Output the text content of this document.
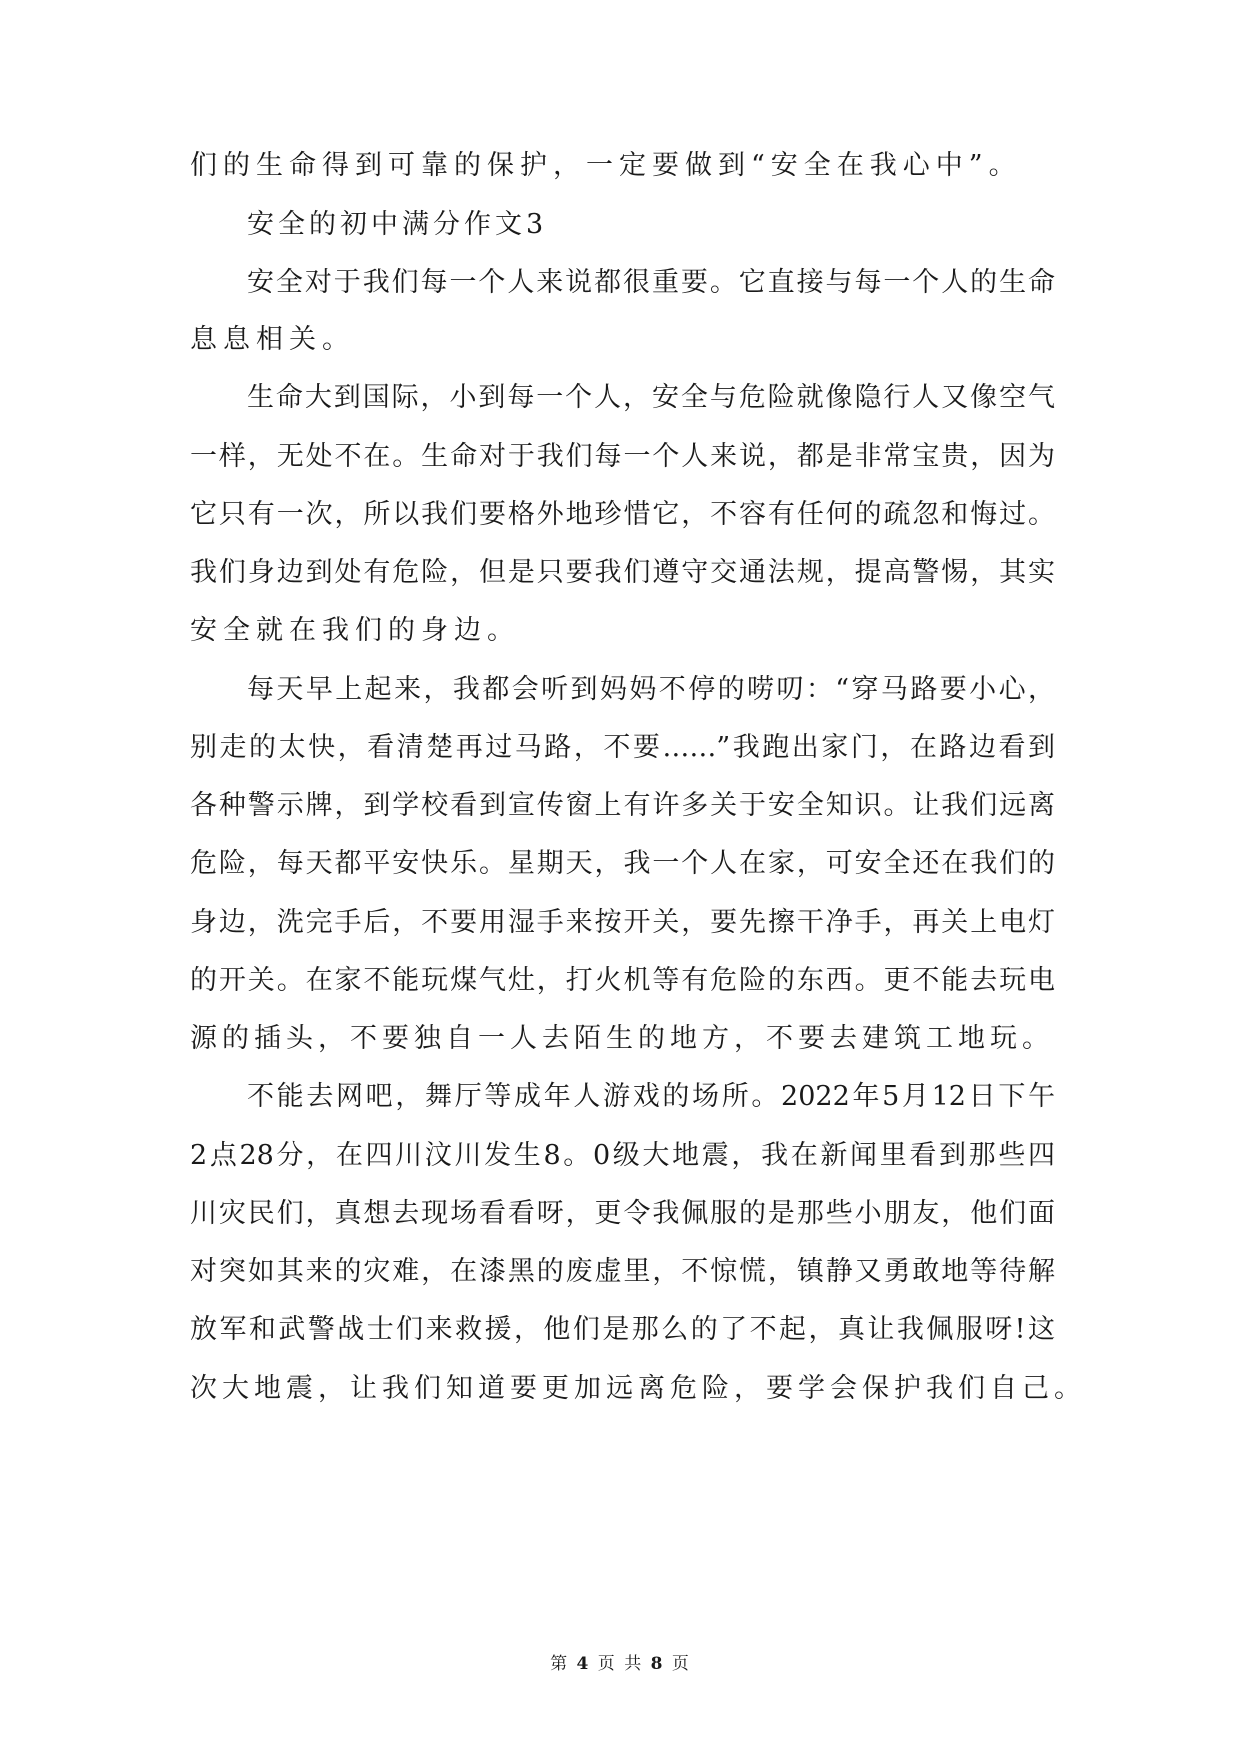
们的生命得到可靠的保护，一定要做到“安全在我心中”。
安全的初中满分作文3
安全对于我们每一个人来说都很重要。它直接与每一个人的生命
息息相关。
生命大到国际，小到每一个人，安全与危险就像隐行人又像空气
一样，无处不在。生命对于我们每一个人来说，都是非常宝贵，因为
它只有一次，所以我们要格外地珍惜它，不容有任何的疏忽和悔过。
我们身边到处有危险，但是只要我们遵守交通法规，提高警惕，其实
安全就在我们的身边。
每天早上起来，我都会听到妈妈不停的唠叨：“穿马路要小心，
别走的太快，看清楚再过马路，不要……”我跑出家门，在路边看到
各种警示牌，到学校看到宣传窗上有许多关于安全知识。让我们远离
危险，每天都平安快乐。星期天，我一个人在家，可安全还在我们的
身边，洗完手后，不要用湿手来按开关，要先擦干净手，再关上电灯
的开关。在家不能玩煤气灶，打火机等有危险的东西。更不能去玩电
源的插头，不要独自一人去陌生的地方，不要去建筑工地玩。
不能去网吧，舞厅等成年人游戏的场所。2022年5月12日下午
2点28分，在四川汶川发生8。0级大地震，我在新闻里看到那些四
川灾民们，真想去现场看看呀，更令我佩服的是那些小朋友，他们面
对突如其来的灾难，在漆黑的废虚里，不惊慌，镇静又勇敢地等待解
放军和武警战士们来救援，他们是那么的了不起，真让我佩服呀!这
次大地震，让我们知道要更加远离危险，要学会保护我们自己。
第 4 页 共 8 页
